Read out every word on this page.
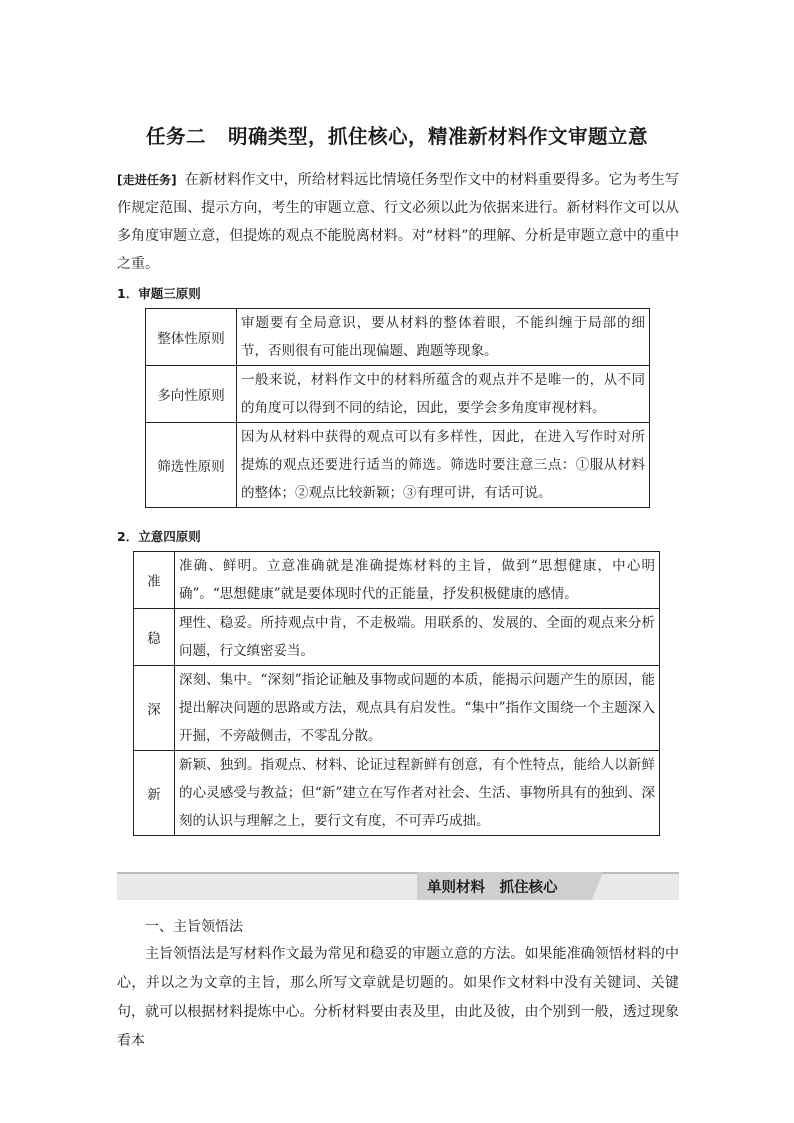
任务二 明确类型，抓住核心，精准新材料作文审题立意
[走进任务] 在新材料作文中，所给材料远比情境任务型作文中的材料重要得多。它为考生写作规定范围、提示方向，考生的审题立意、行文必须以此为依据来进行。新材料作文可以从多角度审题立意，但提炼的观点不能脱离材料。对“材料”的理解、分析是审题立意中的重中之重。
1．审题三原则
整体性原则	审题要有全局意识，要从材料的整体着眼，不能纠缠于局部的细节，否则很有可能出现偏题、跑题等现象。
多向性原则	一般来说，材料作文中的材料所蕴含的观点并不是唯一的，从不同的角度可以得到不同的结论，因此，要学会多角度审视材料。
筛选性原则	因为从材料中获得的观点可以有多样性，因此，在进入写作时对所提炼的观点还要进行适当的筛选。筛选时要注意三点：①服从材料的整体；②观点比较新颖；③有理可讲，有话可说。
2．立意四原则
准	准确、鲜明。立意准确就是准确提炼材料的主旨，做到“思想健康，中心明确”。“思想健康”就是要体现时代的正能量，抒发积极健康的感情。
稳	理性、稳妥。所持观点中肯，不走极端。用联系的、发展的、全面的观点来分析问题，行文缜密妥当。
深	深刻、集中。“深刻”指论证触及事物或问题的本质，能揭示问题产生的原因，能提出解决问题的思路或方法，观点具有启发性。“集中”指作文围绕一个主题深入开掘，不旁敲侧击，不零乱分散。
新	新颖、独到。指观点、材料、论证过程新鲜有创意，有个性特点，能给人以新鲜的心灵感受与教益；但“新”建立在写作者对社会、生活、事物所具有的独到、深刻的认识与理解之上，要行文有度，不可弄巧成拙。
单则材料　抓住核心
一、主旨领悟法
主旨领悟法是写材料作文最为常见和稳妥的审题立意的方法。如果能准确领悟材料的中心，并以之为文章的主旨，那么所写文章就是切题的。如果作文材料中没有关键词、关键句，就可以根据材料提炼中心。分析材料要由表及里，由此及彼，由个别到一般，透过现象看本
